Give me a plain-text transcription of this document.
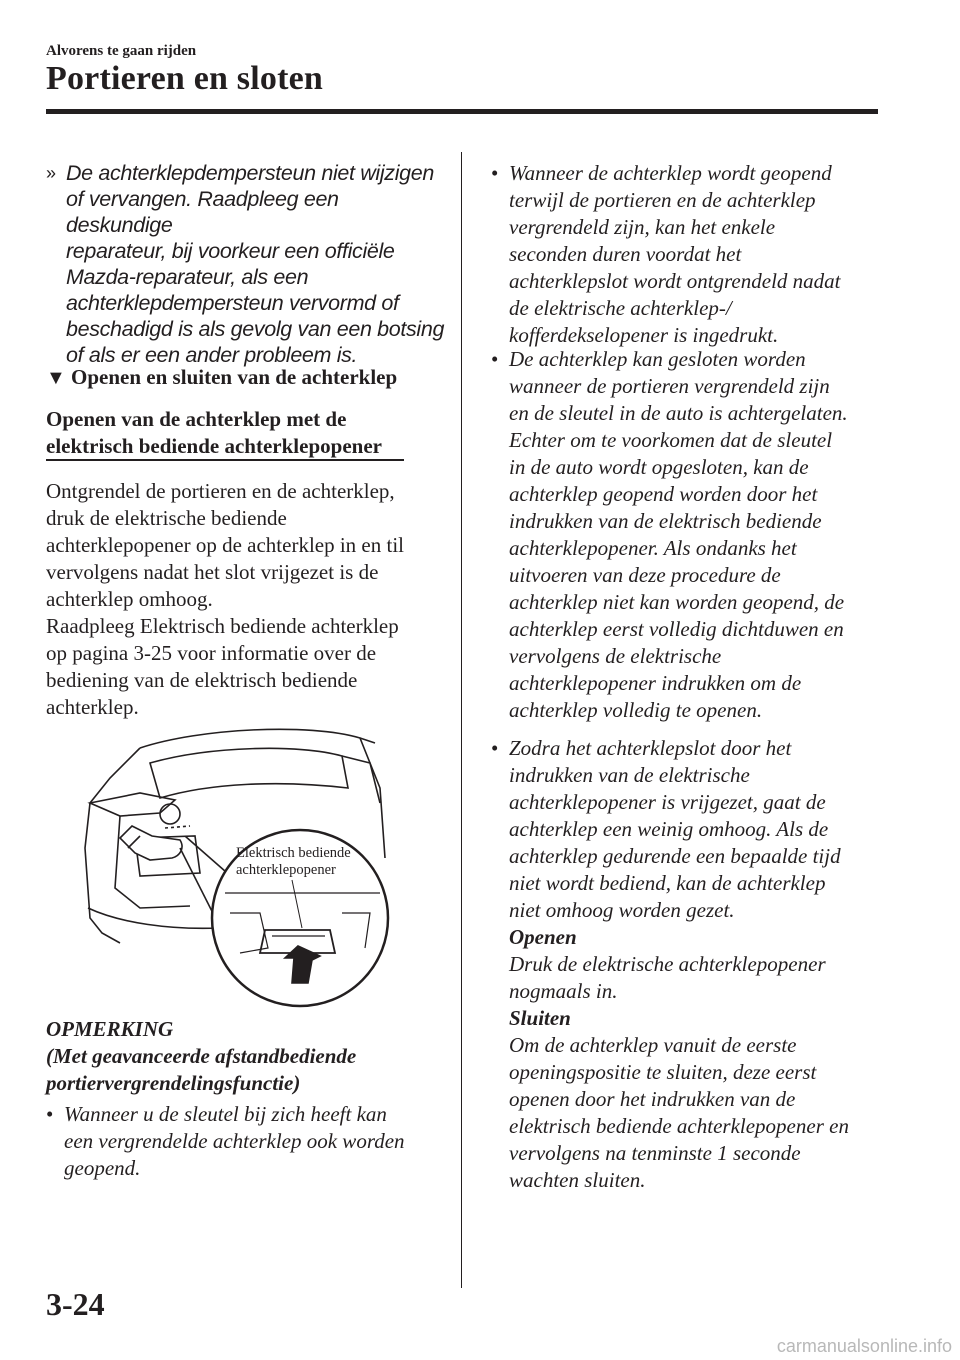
Alvorens te gaan rijden
Portieren en sloten
» De achterklepdempersteun niet wijzigen
of vervangen. Raadpleeg een deskundige
reparateur, bij voorkeur een officiële
Mazda-reparateur, als een
achterklepdempersteun vervormd of
beschadigd is als gevolg van een botsing
of als er een ander probleem is.
▼ Openen en sluiten van de achterklep
Openen van de achterklep met de
elektrisch bediende achterklepopener
Ontgrendel de portieren en de achterklep,
druk de elektrische bediende
achterklepopener op de achterklep in en til
vervolgens nadat het slot vrijgezet is de
achterklep omhoog.
Raadpleeg Elektrisch bediende achterklep
op pagina 3-25 voor informatie over de
bediening van de elektrisch bediende
achterklep.
Elektrisch bediende
achterklepopener
OPMERKING
(Met geavanceerde afstandbediende
portiervergrendelingsfunctie)
• Wanneer u de sleutel bij zich heeft kan
een vergrendelde achterklep ook worden
geopend.
• Wanneer de achterklep wordt geopend
terwijl de portieren en de achterklep
vergrendeld zijn, kan het enkele
seconden duren voordat het
achterklepslot wordt ontgrendeld nadat
de elektrische achterklep-/
kofferdekselopener is ingedrukt.
• De achterklep kan gesloten worden
wanneer de portieren vergrendeld zijn
en de sleutel in de auto is achtergelaten.
Echter om te voorkomen dat de sleutel
in de auto wordt opgesloten, kan de
achterklep geopend worden door het
indrukken van de elektrisch bediende
achterklepopener. Als ondanks het
uitvoeren van deze procedure de
achterklep niet kan worden geopend, de
achterklep eerst volledig dichtduwen en
vervolgens de elektrische
achterklepopener indrukken om de
achterklep volledig te openen.
• Zodra het achterklepslot door het
indrukken van de elektrische
achterklepopener is vrijgezet, gaat de
achterklep een weinig omhoog. Als de
achterklep gedurende een bepaalde tijd
niet wordt bediend, kan de achterklep
niet omhoog worden gezet.
Openen
Druk de elektrische achterklepopener
nogmaals in.
Sluiten
Om de achterklep vanuit de eerste
openingspositie te sluiten, deze eerst
openen door het indrukken van de
elektrisch bediende achterklepopener en
vervolgens na tenminste 1 seconde
wachten sluiten.
3-24
carmanualsonline.info
